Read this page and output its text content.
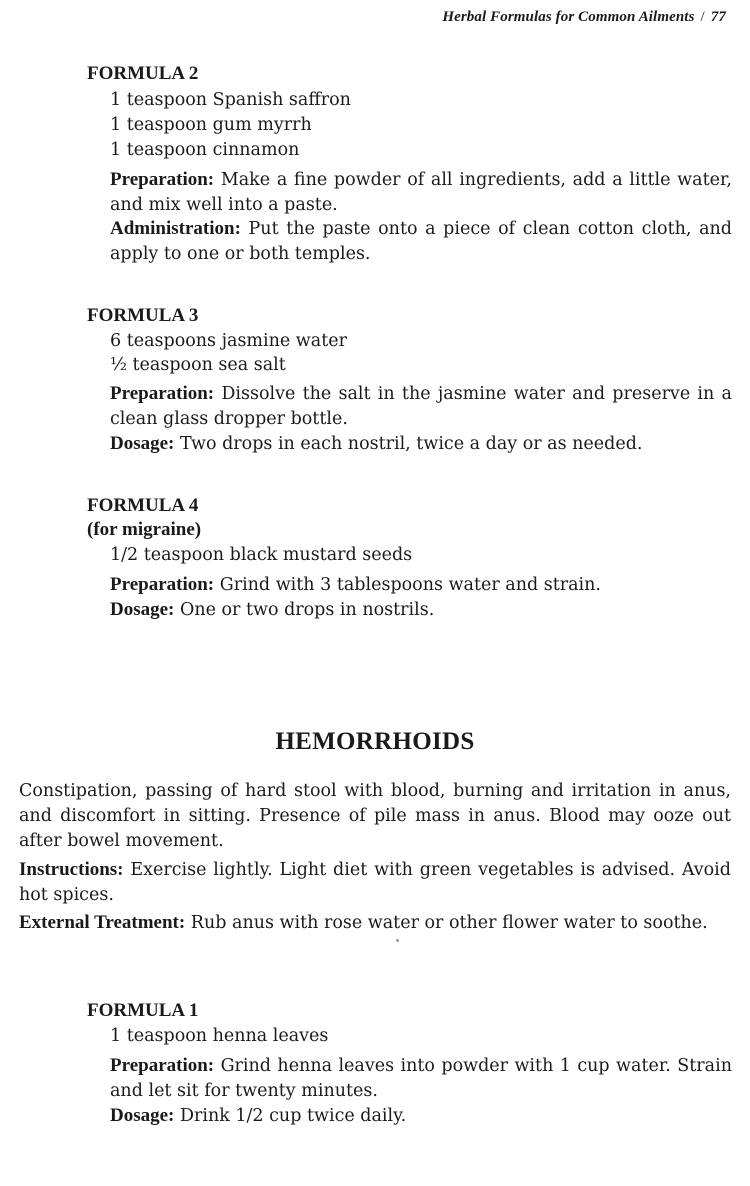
Herbal Formulas for Common Ailments / 77
FORMULA 2
1 teaspoon Spanish saffron
1 teaspoon gum myrrh
1 teaspoon cinnamon
Preparation: Make a fine powder of all ingredients, add a little water, and mix well into a paste.
Administration: Put the paste onto a piece of clean cotton cloth, and apply to one or both temples.
FORMULA 3
6 teaspoons jasmine water
½ teaspoon sea salt
Preparation: Dissolve the salt in the jasmine water and preserve in a clean glass dropper bottle.
Dosage: Two drops in each nostril, twice a day or as needed.
FORMULA 4
(for migraine)
1/2 teaspoon black mustard seeds
Preparation: Grind with 3 tablespoons water and strain.
Dosage: One or two drops in nostrils.
HEMORRHOIDS
Constipation, passing of hard stool with blood, burning and irritation in anus, and discomfort in sitting. Presence of pile mass in anus. Blood may ooze out after bowel movement.
Instructions: Exercise lightly. Light diet with green vegetables is advised. Avoid hot spices.
External Treatment: Rub anus with rose water or other flower water to soothe.
FORMULA 1
1 teaspoon henna leaves
Preparation: Grind henna leaves into powder with 1 cup water. Strain and let sit for twenty minutes.
Dosage: Drink 1/2 cup twice daily.
